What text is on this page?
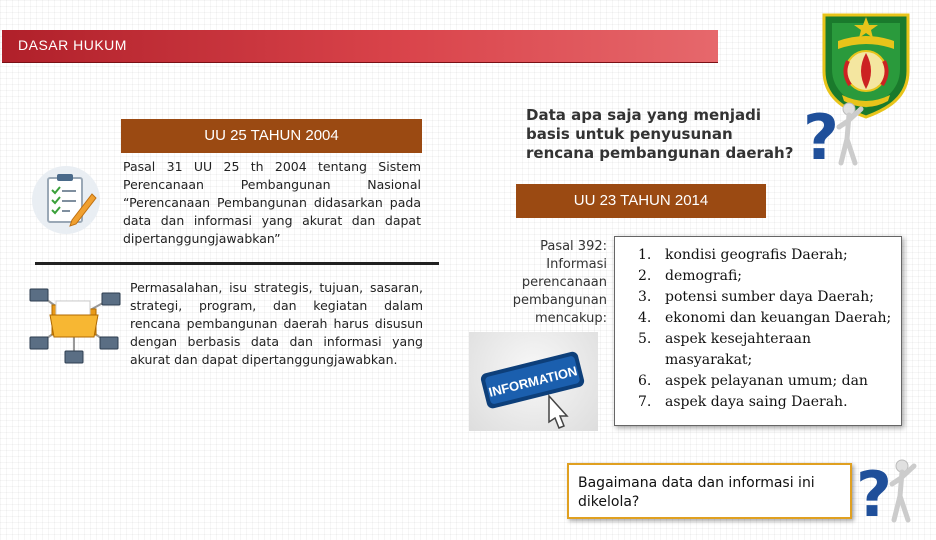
DASAR HUKUM
?
UU 25 TAHUN 2004
Pasal 31 UU 25 th 2004 tentang Sistem Perencanaan Pembangunan Nasional “Perencanaan Pembangunan didasarkan pada data dan informasi yang akurat dan dapat dipertanggungjawabkan”
Permasalahan, isu strategis, tujuan, sasaran, strategi, program, dan kegiatan dalam rencana pembangunan daerah harus disusun dengan berbasis data dan informasi yang akurat dan dapat dipertanggungjawabkan.
Data apa saja yang menjadi basis untuk penyusunan rencana pembangunan daerah?
UU 23 TAHUN 2014
Pasal 392: Informasi perencanaan pembangunan mencakup:
INFORMATION
1. kondisi geografis Daerah;
2. demografi;
3. potensi sumber daya Daerah;
4. ekonomi dan keuangan Daerah;
5. aspek kesejahteraan masyarakat;
6. aspek pelayanan umum; dan
7. aspek daya saing Daerah.
Bagaimana data dan informasi ini dikelola?	?
